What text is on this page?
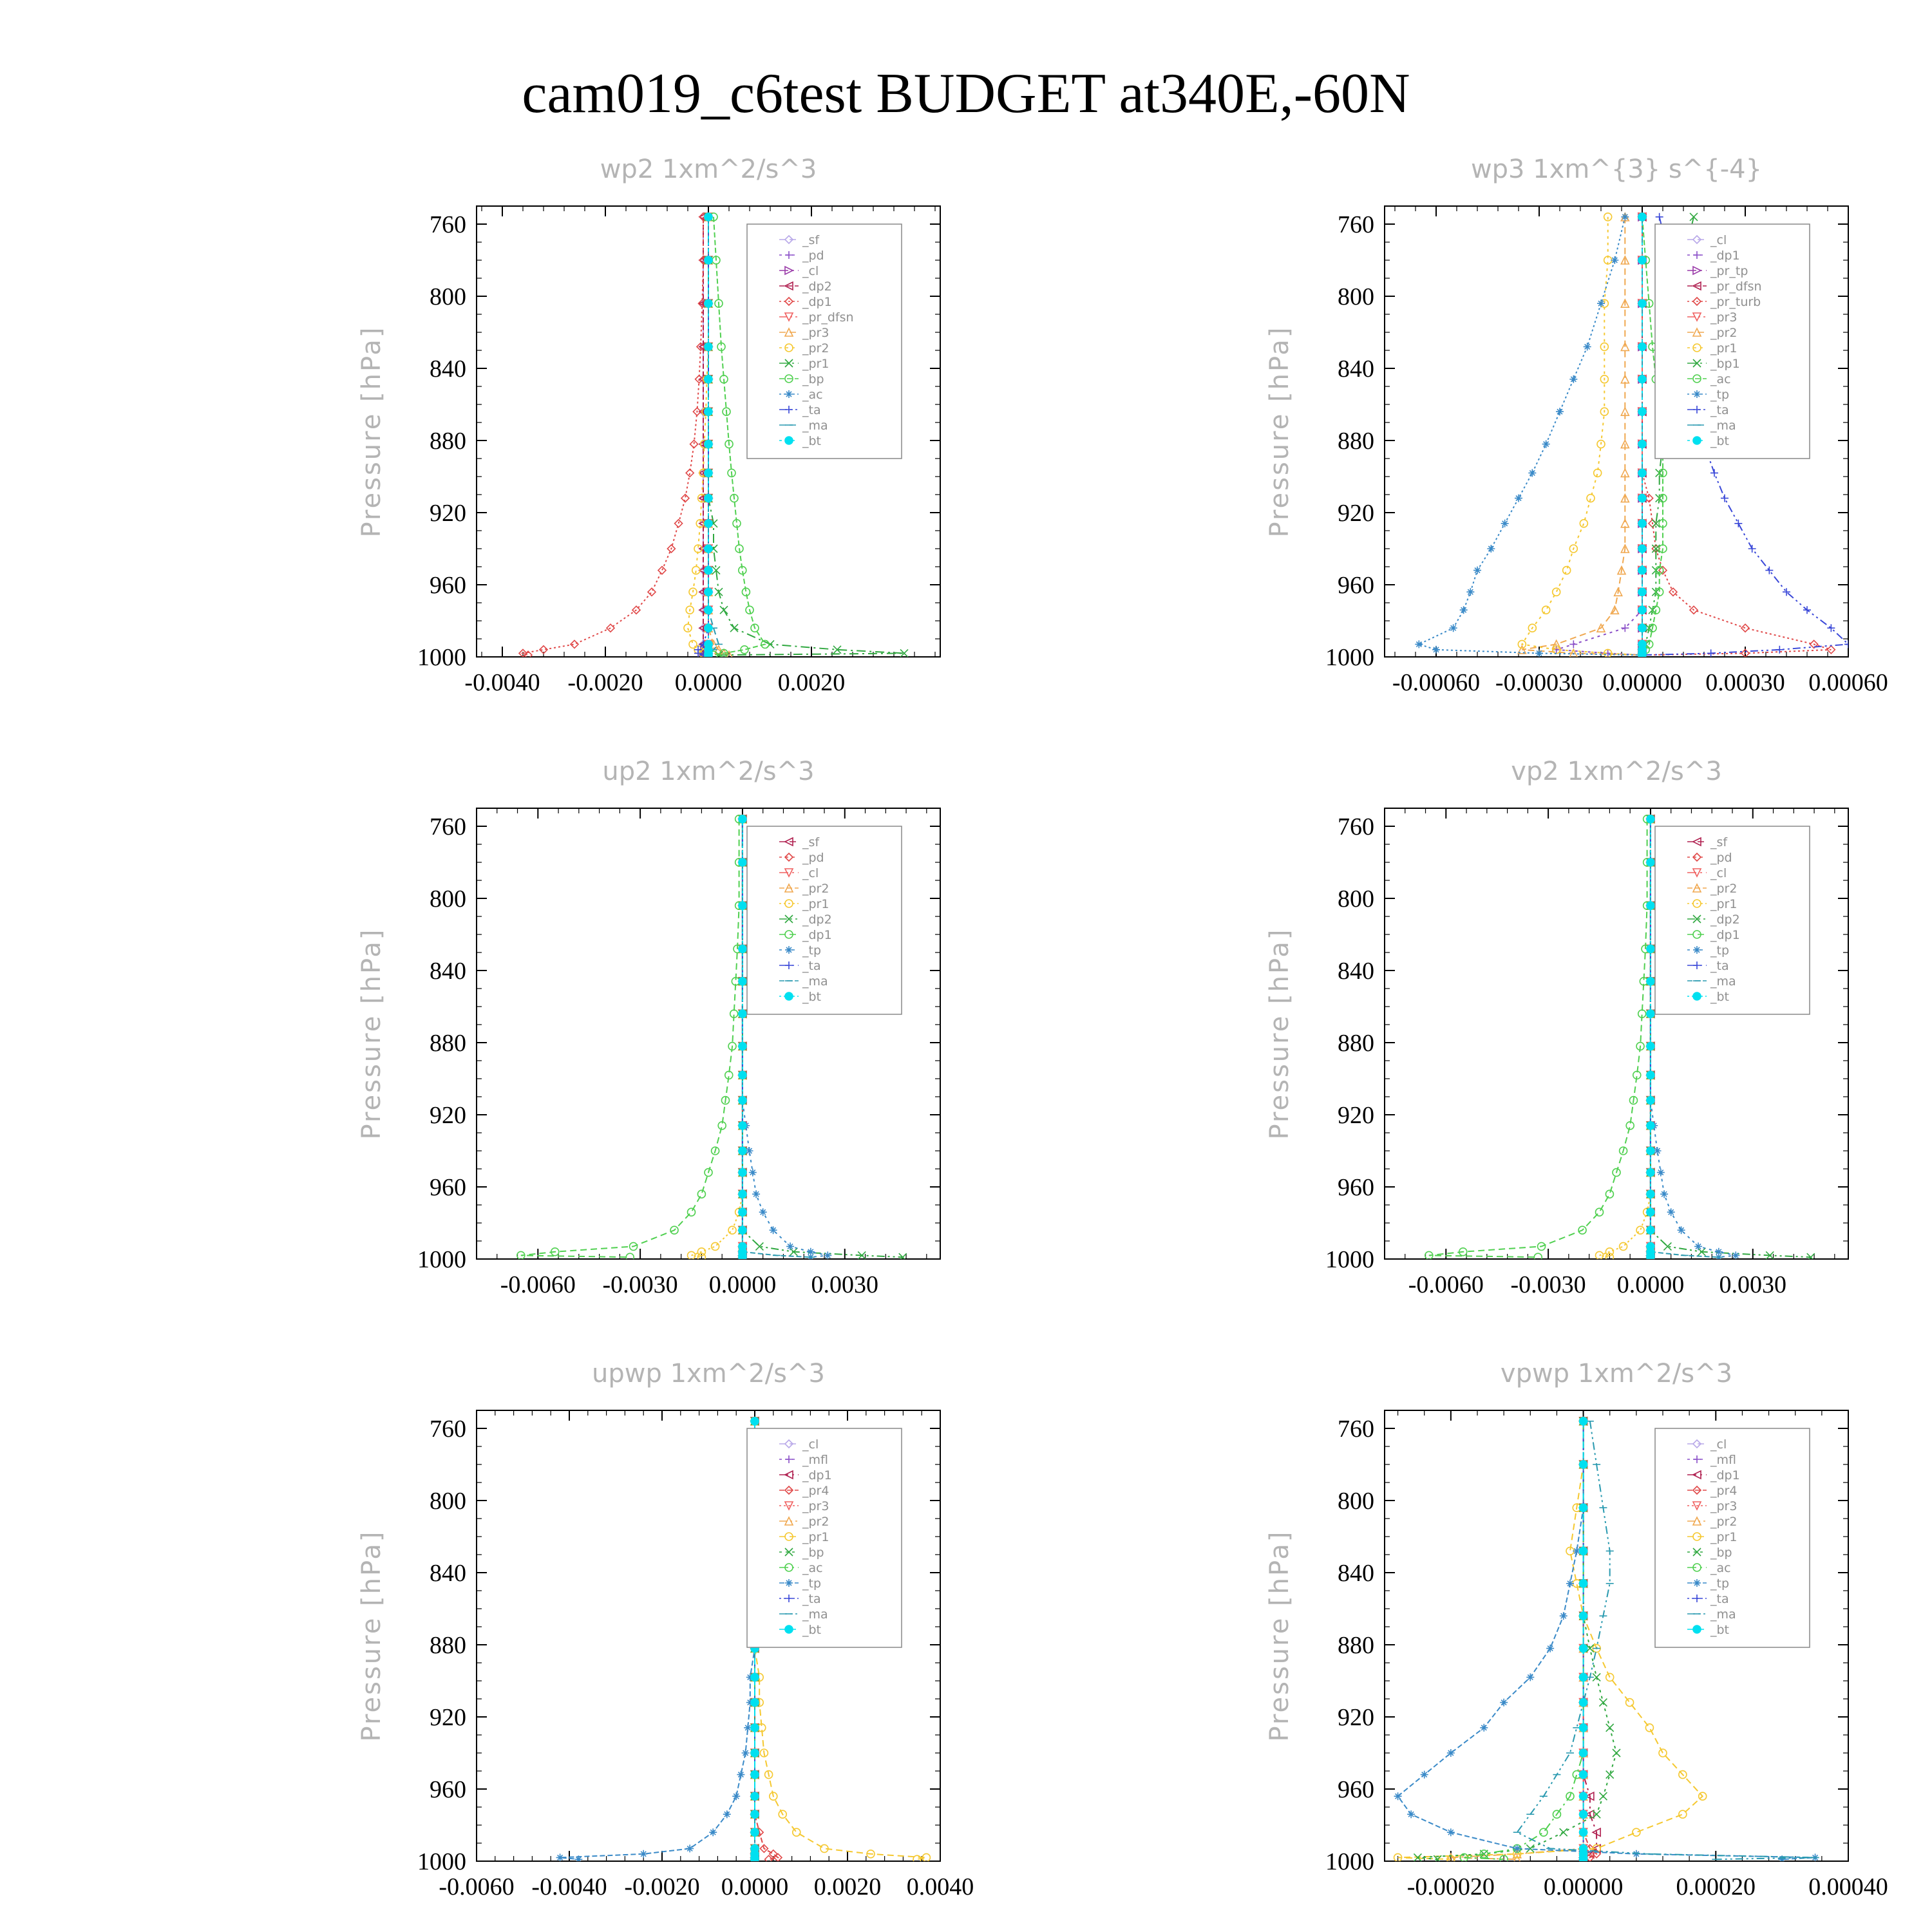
cam019_c6test BUDGET at340E,-60N
wp2 1xm^2/s^3
Pressure [hPa]
760
800
840
880
920
960
1000
-0.0040 -0.0020 0.0000 0.0020
_sf
_pd
_cl
_dp2
_dp1
_pr_dfsn
_pr3
_pr2
_pr1
_bp
_ac
_ta
_ma
_bt
wp3 1xm^{3} s^{-4}
Pressure [hPa]
760
800
840
880
920
960
1000
-0.00060 -0.00030 0.00000 0.00030 0.00060
_cl
_dp1
_pr_tp
_pr_dfsn
_pr_turb
_pr3
_pr2
_pr1
_bp1
_ac
_tp
_ta
_ma
_bt
up2 1xm^2/s^3
Pressure [hPa]
760
800
840
880
920
960
1000
-0.0060 -0.0030 0.0000 0.0030
_sf
_pd
_cl
_pr2
_pr1
_dp2
_dp1
_tp
_ta
_ma
_bt
vp2 1xm^2/s^3
Pressure [hPa]
760
800
840
880
920
960
1000
-0.0060 -0.0030 0.0000 0.0030
_sf
_pd
_cl
_pr2
_pr1
_dp2
_dp1
_tp
_ta
_ma
_bt
upwp 1xm^2/s^3
Pressure [hPa]
760
800
840
880
920
960
1000
-0.0060 -0.0040 -0.0020 0.0000 0.0020 0.0040
_cl
_mfl
_dp1
_pr4
_pr3
_pr2
_pr1
_bp
_ac
_tp
_ta
_ma
_bt
vpwp 1xm^2/s^3
Pressure [hPa]
760
800
840
880
920
960
1000
-0.00020 0.00000 0.00020 0.00040
_cl
_mfl
_dp1
_pr4
_pr3
_pr2
_pr1
_bp
_ac
_tp
_ta
_ma
_bt
